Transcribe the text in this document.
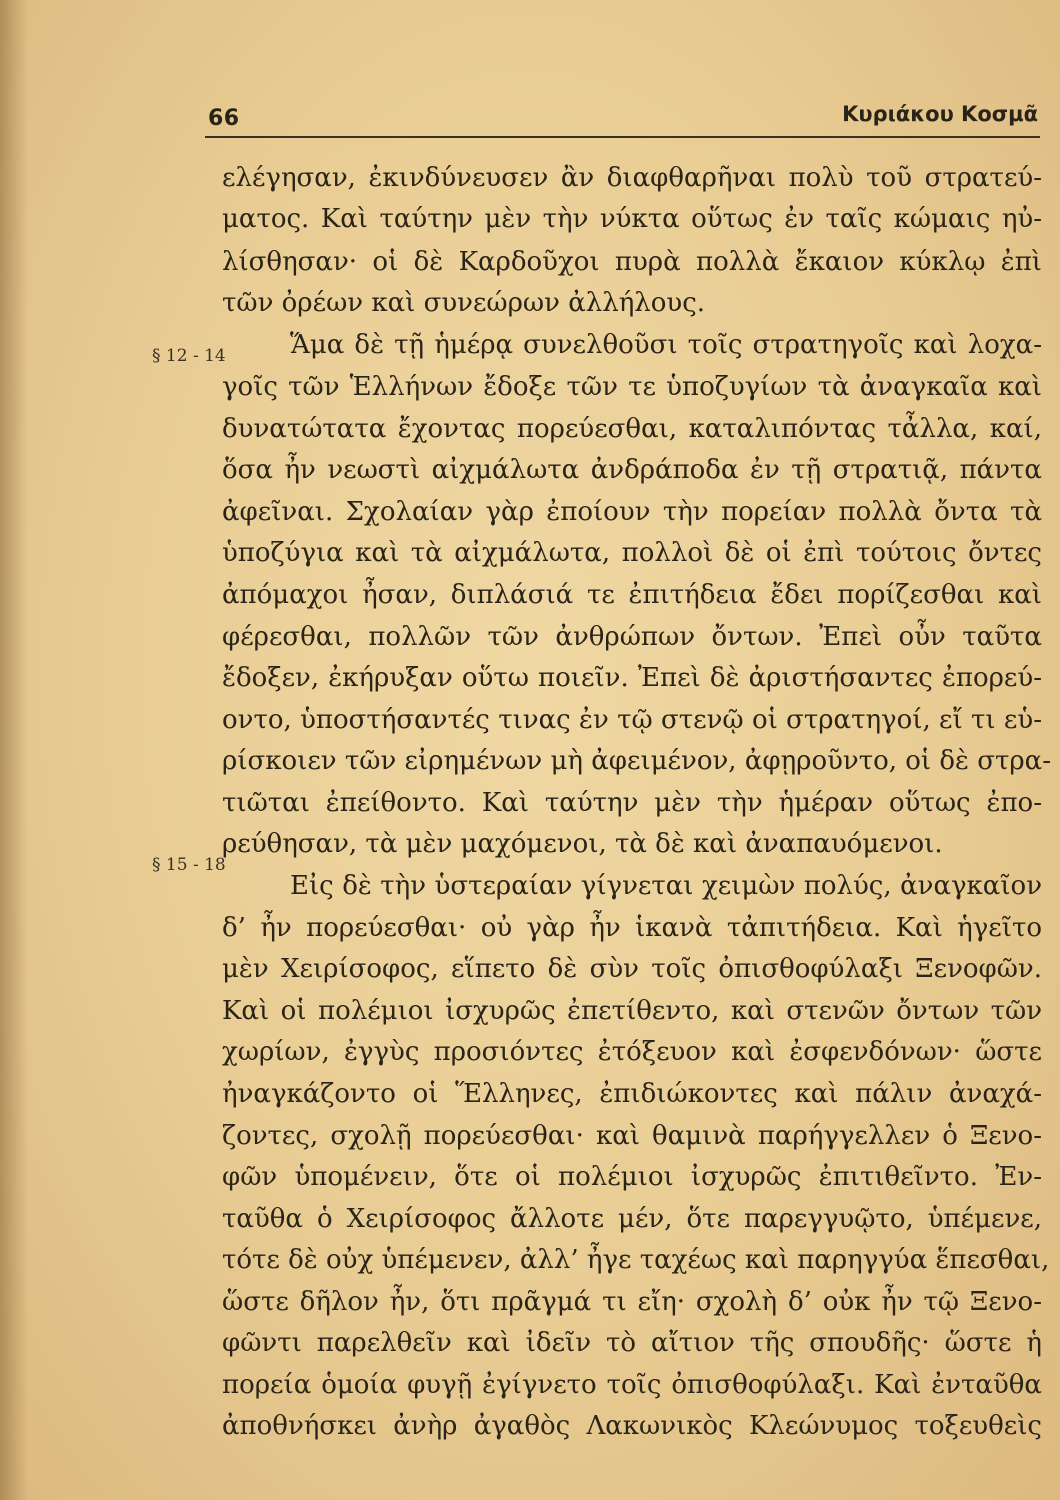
66	Κυριάκου Κοσμᾶ
§ 12 - 14
§ 15 - 18
ελέγησαν, ἐκινδύνευσεν ἂν διαφθαρῆναι πολὺ τοῦ στρατεύ-
ματος. Καὶ ταύτην μὲν τὴν νύκτα οὕτως ἐν ταῖς κώμαις ηὐ-
λίσθησαν· οἱ δὲ Καρδοῦχοι πυρὰ πολλὰ ἔκαιον κύκλῳ ἐπὶ
τῶν ὀρέων καὶ συνεώρων ἀλλήλους.
Ἅμα δὲ τῇ ἡμέρᾳ συνελθοῦσι τοῖς στρατηγοῖς καὶ λοχα-
γοῖς τῶν Ἑλλήνων ἔδοξε τῶν τε ὑποζυγίων τὰ ἀναγκαῖα καὶ
δυνατώτατα ἔχοντας πορεύεσθαι, καταλιπόντας τἆλλα, καί,
ὅσα ἦν νεωστὶ αἰχμάλωτα ἀνδράποδα ἐν τῇ στρατιᾷ, πάντα
ἀφεῖναι. Σχολαίαν γὰρ ἐποίουν τὴν πορείαν πολλὰ ὄντα τὰ
ὑποζύγια καὶ τὰ αἰχμάλωτα, πολλοὶ δὲ οἱ ἐπὶ τούτοις ὄντες
ἀπόμαχοι ἦσαν, διπλάσιά τε ἐπιτήδεια ἔδει πορίζεσθαι καὶ
φέρεσθαι, πολλῶν τῶν ἀνθρώπων ὄντων. Ἐπεὶ οὖν ταῦτα
ἔδοξεν, ἐκήρυξαν οὕτω ποιεῖν. Ἐπεὶ δὲ ἀριστήσαντες ἐπορεύ-
οντο, ὑποστήσαντές τινας ἐν τῷ στενῷ οἱ στρατηγοί, εἴ τι εὑ-
ρίσκοιεν τῶν εἰρημένων μὴ ἀφειμένον, ἀφῃροῦντο, οἱ δὲ στρα-
τιῶται ἐπείθοντο. Καὶ ταύτην μὲν τὴν ἡμέραν οὕτως ἐπο-
ρεύθησαν, τὰ μὲν μαχόμενοι, τὰ δὲ καὶ ἀναπαυόμενοι.
Εἰς δὲ τὴν ὑστεραίαν γίγνεται χειμὼν πολύς, ἀναγκαῖον
δ’ ἦν πορεύεσθαι· οὐ γὰρ ἦν ἱκανὰ τἀπιτήδεια. Καὶ ἡγεῖτο
μὲν Χειρίσοφος, εἵπετο δὲ σὺν τοῖς ὀπισθοφύλαξι Ξενοφῶν.
Καὶ οἱ πολέμιοι ἰσχυρῶς ἐπετίθεντο, καὶ στενῶν ὄντων τῶν
χωρίων, ἐγγὺς προσιόντες ἐτόξευον καὶ ἐσφενδόνων· ὥστε
ἠναγκάζοντο οἱ Ἕλληνες, ἐπιδιώκοντες καὶ πάλιν ἀναχά-
ζοντες, σχολῇ πορεύεσθαι· καὶ θαμινὰ παρήγγελλεν ὁ Ξενο-
φῶν ὑπομένειν, ὅτε οἱ πολέμιοι ἰσχυρῶς ἐπιτιθεῖντο. Ἐν-
ταῦθα ὁ Χειρίσοφος ἄλλοτε μέν, ὅτε παρεγγυῷτο, ὑπέμενε,
τότε δὲ οὐχ ὑπέμενεν, ἀλλ’ ἦγε ταχέως καὶ παρηγγύα ἕπεσθαι,
ὥστε δῆλον ἦν, ὅτι πρᾶγμά τι εἴη· σχολὴ δ’ οὐκ ἦν τῷ Ξενο-
φῶντι παρελθεῖν καὶ ἰδεῖν τὸ αἴτιον τῆς σπουδῆς· ὥστε ἡ
πορεία ὁμοία φυγῇ ἐγίγνετο τοῖς ὀπισθοφύλαξι. Καὶ ἐνταῦθα
ἀποθνήσκει ἀνὴρ ἀγαθὸς Λακωνικὸς Κλεώνυμος τοξευθεὶς
